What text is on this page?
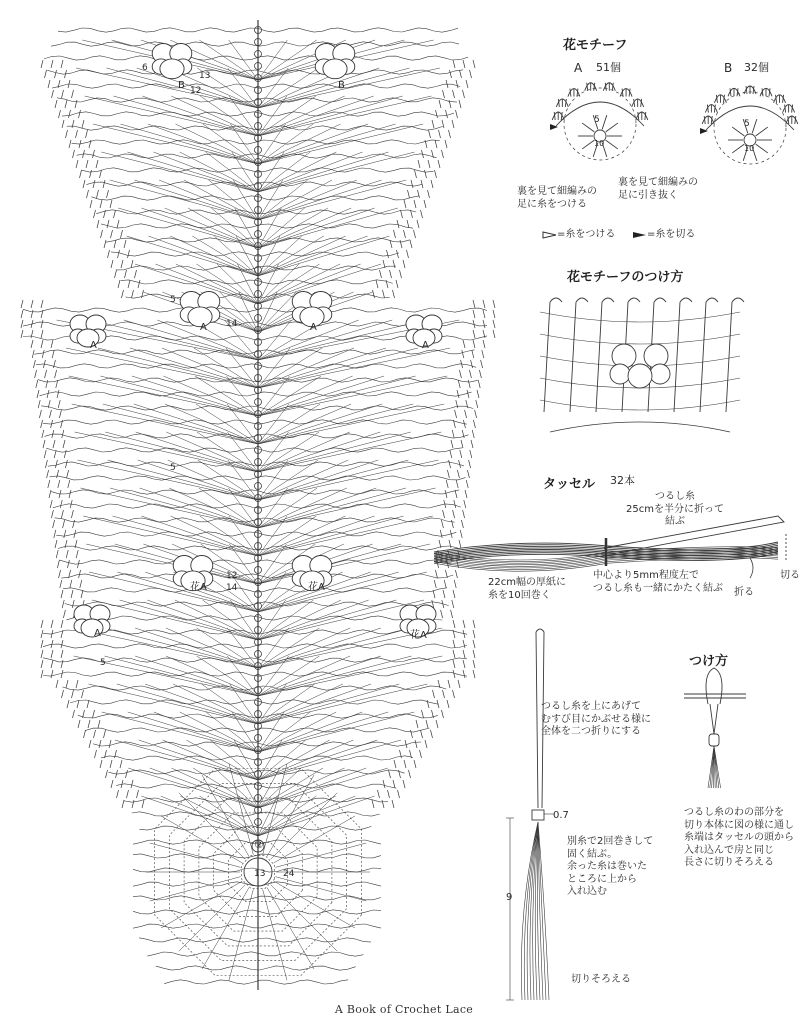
B	B
A	A
A	A
花A	花A
A	花A
6
13
12
5
14
5
12
14
5
②
13 24
花モチーフ
A 51個	B 32個
5
10
5
10
裏を見て細編みの
足に糸をつける
裏を見て細編みの
足に引き抜く
=糸をつける	=糸を切る
花モチーフのつけ方
タッセル 32本
つるし糸
25cmを半分に折って
結ぶ
22cm幅の厚紙に
糸を10回巻く
中心より5mm程度左で
つるし糸も一緒にかたく結ぶ
切る
折る
つるし糸を上にあげて
むすび目にかぶせる様に
全体を二つ折りにする
0.7
別糸で2回巻きして
固く結ぶ。
余った糸は巻いた
ところに上から
入れ込む
9
切りそろえる
つけ方
つるし糸のわの部分を
切り本体に図の様に通し
糸端はタッセルの頭から
入れ込んで房と同じ
長さに切りそろえる
A Book of Crochet Lace
